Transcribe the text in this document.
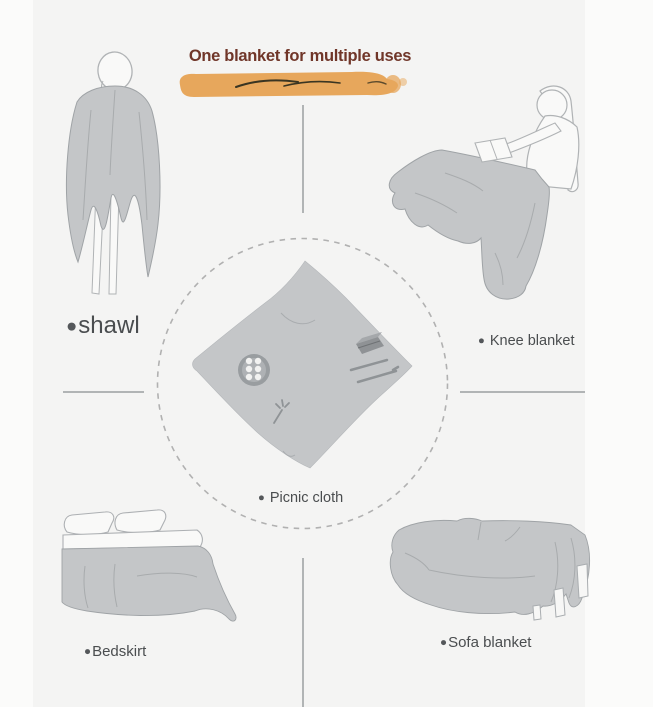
One blanket for multiple uses
● shawl
● Knee blanket
● Picnic cloth
● Bedskirt
● Sofa blanket
